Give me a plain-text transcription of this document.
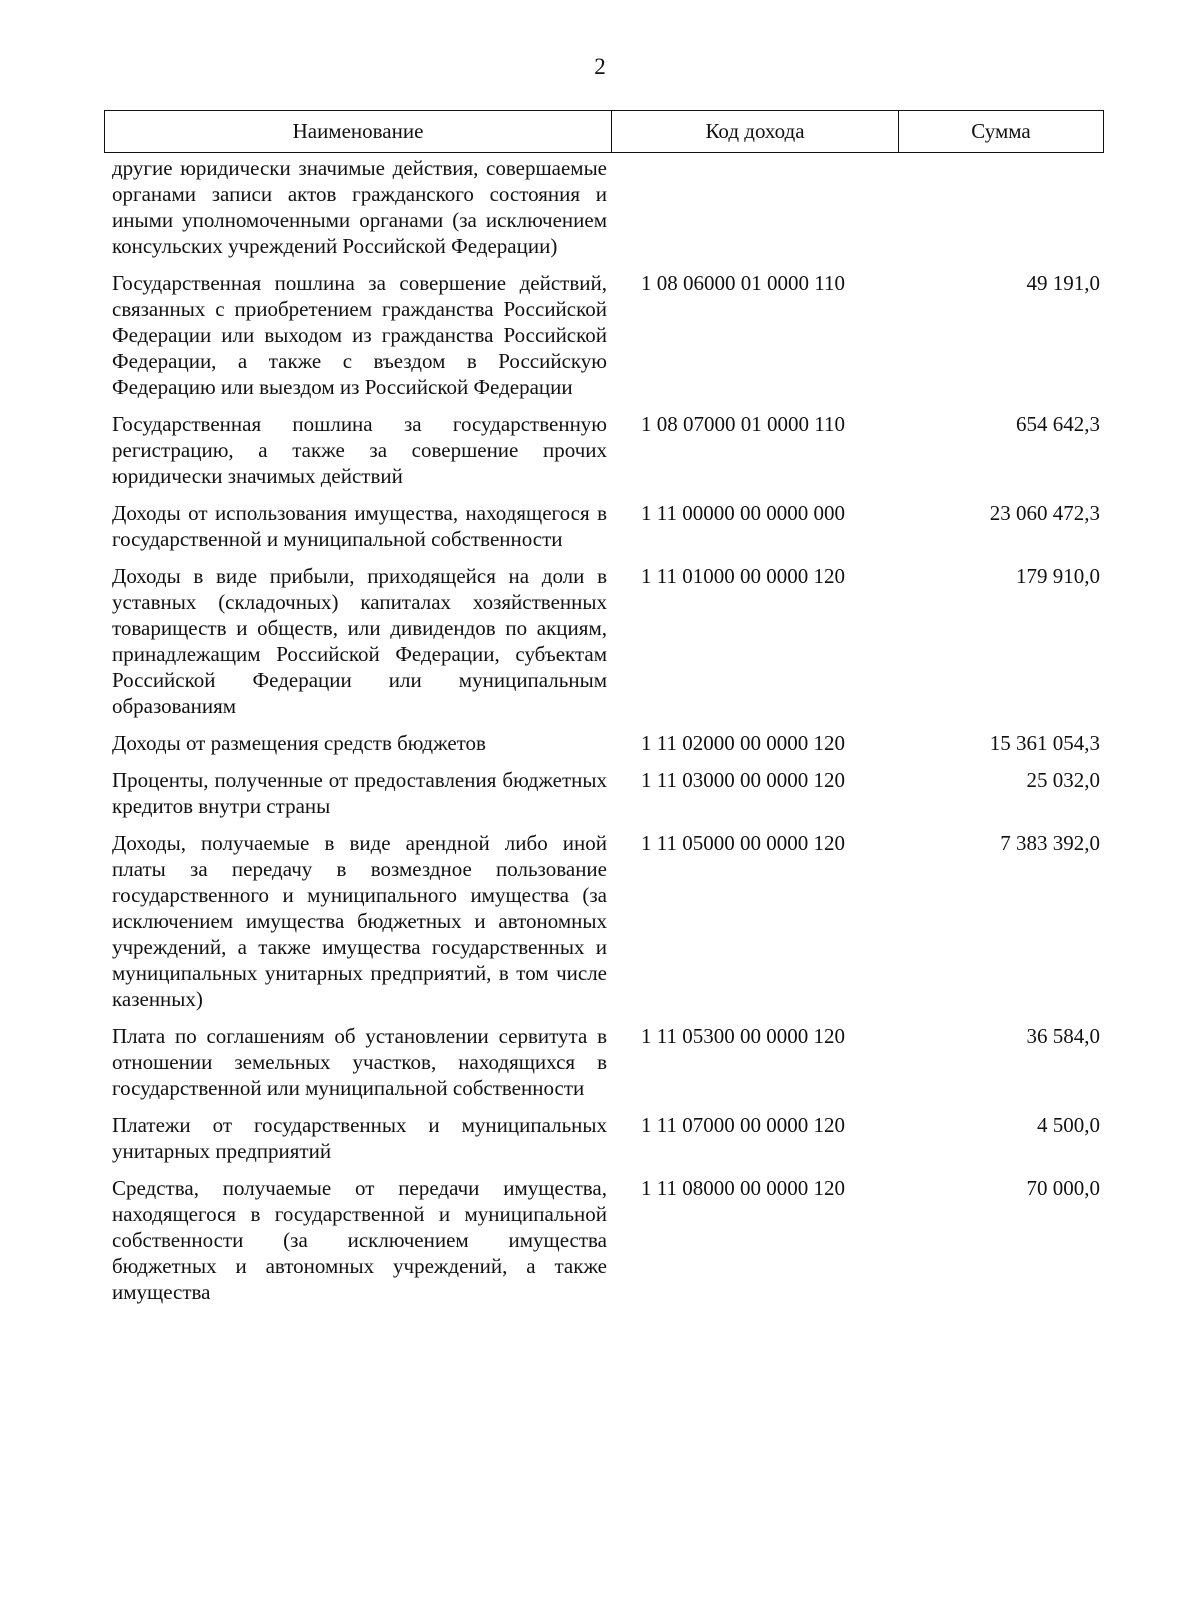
2
Наименование	Код дохода	Сумма
другие юридически значимые действия, совершаемые органами записи актов гражданского состояния и иными уполномоченными органами (за исключением консульских учреждений Российской Федерации)
Государственная пошлина за совершение действий, связанных с приобретением гражданства Российской Федерации или выходом из гражданства Российской Федерации, а также с въездом в Российскую Федерацию или выездом из Российской Федерации
1 08 06000 01 0000 110	49 191,0
Государственная пошлина за государственную регистрацию, а также за совершение прочих юридически значимых действий
1 08 07000 01 0000 110	654 642,3
Доходы от использования имущества, находящегося в государственной и муниципальной собственности
1 11 00000 00 0000 000	23 060 472,3
Доходы в виде прибыли, приходящейся на доли в уставных (складочных) капиталах хозяйственных товариществ и обществ, или дивидендов по акциям, принадлежащим Российской Федерации, субъектам Российской Федерации или муниципальным образованиям
1 11 01000 00 0000 120	179 910,0
Доходы от размещения средств бюджетов	1 11 02000 00 0000 120	15 361 054,3
Проценты, полученные от предоставления бюджетных кредитов внутри страны
1 11 03000 00 0000 120	25 032,0
Доходы, получаемые в виде арендной либо иной платы за передачу в возмездное пользование государственного и муниципального имущества (за исключением имущества бюджетных и автономных учреждений, а также имущества государственных и муниципальных унитарных предприятий, в том числе казенных)
1 11 05000 00 0000 120	7 383 392,0
Плата по соглашениям об установлении сервитута в отношении земельных участков, находящихся в государственной или муниципальной собственности
1 11 05300 00 0000 120	36 584,0
Платежи от государственных и муниципальных унитарных предприятий
1 11 07000 00 0000 120	4 500,0
Средства, получаемые от передачи имущества, находящегося в государственной и муниципальной собственности (за исключением имущества бюджетных и автономных учреждений, а также имущества
1 11 08000 00 0000 120	70 000,0
